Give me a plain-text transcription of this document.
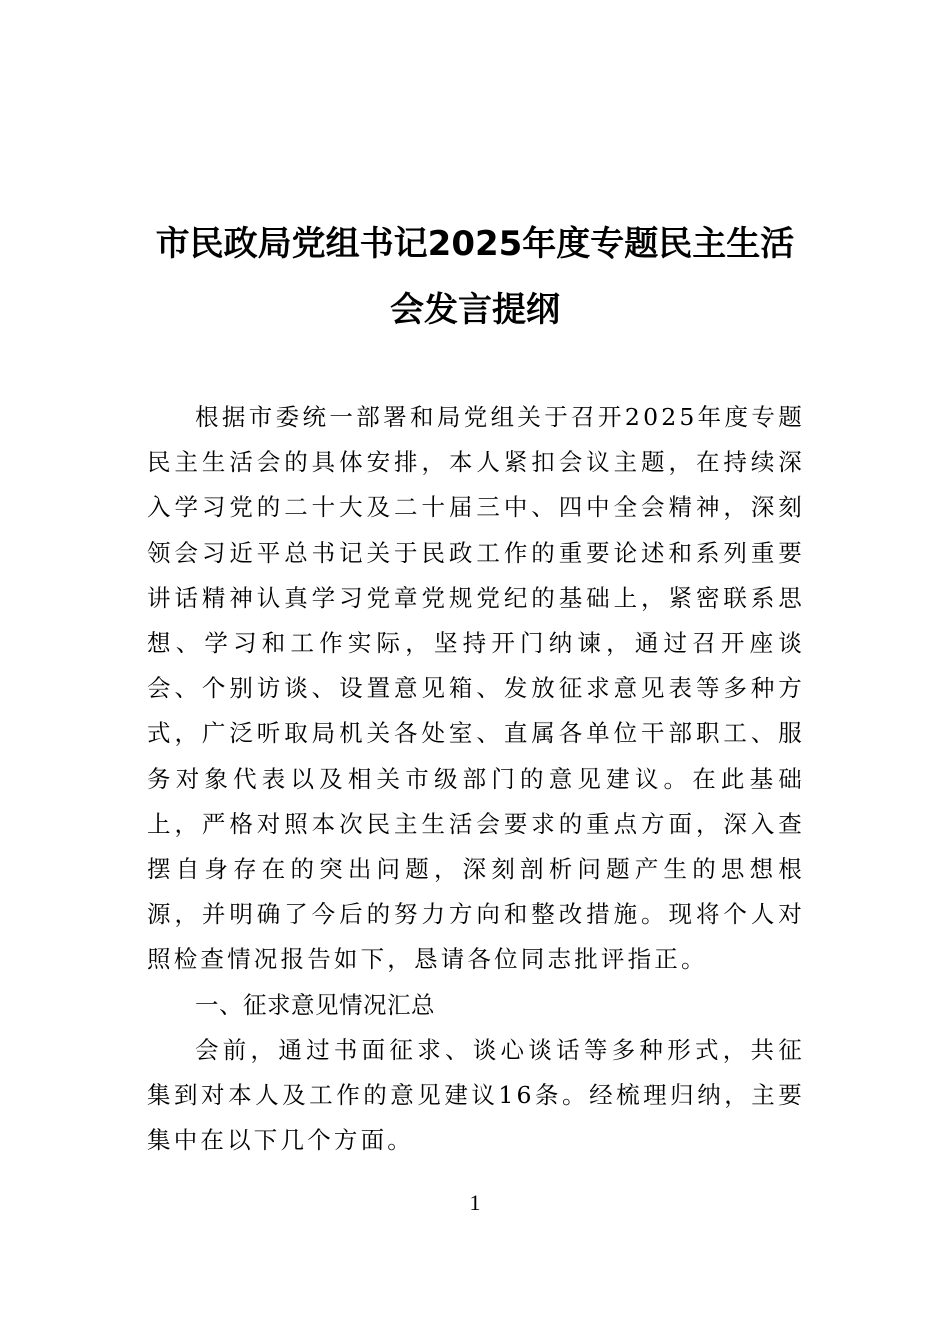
市民政局党组书记2025年度专题民主生活
会发言提纲

根据市委统一部署和局党组关于召开2025年度专题民主生活会的具体安排，本人紧扣会议主题，在持续深入学习党的二十大及二十届三中、四中全会精神，深刻领会习近平总书记关于民政工作的重要论述和系列重要讲话精神认真学习党章党规党纪的基础上，紧密联系思想、学习和工作实际，坚持开门纳谏，通过召开座谈会、个别访谈、设置意见箱、发放征求意见表等多种方式，广泛听取局机关各处室、直属各单位干部职工、服务对象代表以及相关市级部门的意见建议。在此基础上，严格对照本次民主生活会要求的重点方面，深入查摆自身存在的突出问题，深刻剖析问题产生的思想根源，并明确了今后的努力方向和整改措施。现将个人对照检查情况报告如下，恳请各位同志批评指正。

一、征求意见情况汇总

会前，通过书面征求、谈心谈话等多种形式，共征集到对本人及工作的意见建议16条。经梳理归纳，主要集中在以下几个方面。

1
